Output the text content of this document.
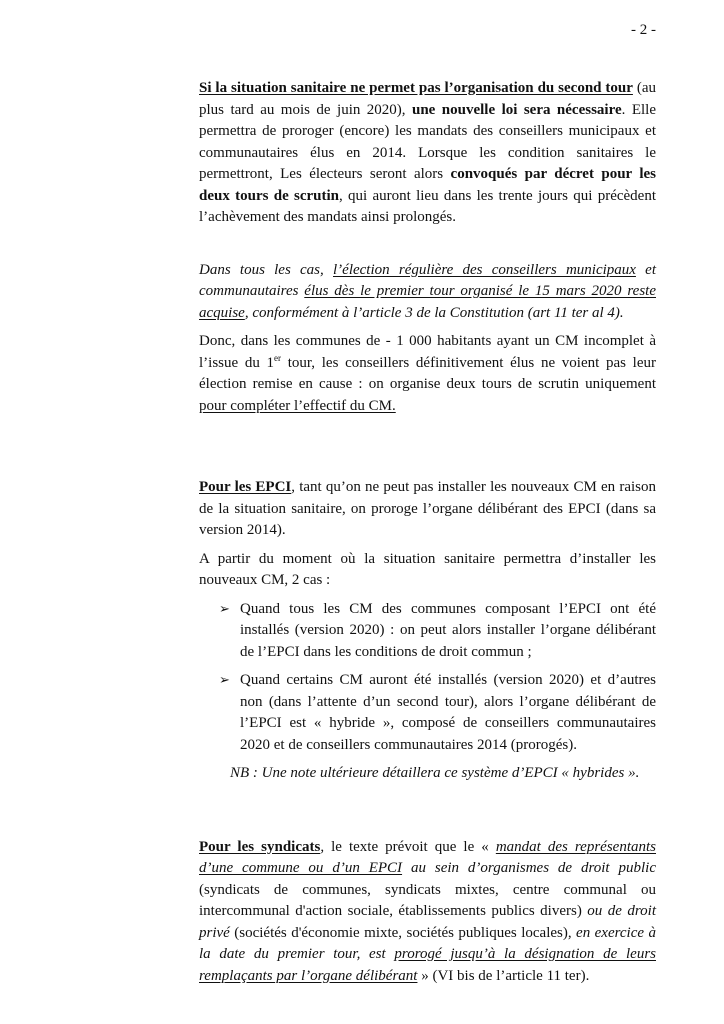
- 2 -

Si la situation sanitaire ne permet pas l’organisation du second tour (au plus tard au mois de juin 2020), une nouvelle loi sera nécessaire. Elle permettra de proroger (encore) les mandats des conseillers municipaux et communautaires élus en 2014. Lorsque les condition sanitaires le permettront, Les électeurs seront alors convoqués par décret pour les deux tours de scrutin, qui auront lieu dans les trente jours qui précèdent l’achèvement des mandats ainsi prolongés.

Dans tous les cas, l’élection régulière des conseillers municipaux et communautaires élus dès le premier tour organisé le 15 mars 2020 reste acquise, conformément à l’article 3 de la Constitution (art 11 ter al 4).

Donc, dans les communes de - 1 000 habitants ayant un CM incomplet à l’issue du 1er tour, les conseillers définitivement élus ne voient pas leur élection remise en cause : on organise deux tours de scrutin uniquement pour compléter l’effectif du CM.

Pour les EPCI, tant qu’on ne peut pas installer les nouveaux CM en raison de la situation sanitaire, on proroge l’organe délibérant des EPCI (dans sa version 2014).

A partir du moment où la situation sanitaire permettra d’installer les nouveaux CM, 2 cas :

➢ Quand tous les CM des communes composant l’EPCI ont été installés (version 2020) : on peut alors installer l’organe délibérant de l’EPCI dans les conditions de droit commun ;

➢ Quand certains CM auront été installés (version 2020) et d’autres non (dans l’attente d’un second tour), alors l’organe délibérant de l’EPCI est « hybride », composé de conseillers communautaires 2020 et de conseillers communautaires 2014 (prorogés).

NB : Une note ultérieure détaillera ce système d’EPCI « hybrides ».

Pour les syndicats, le texte prévoit que le « mandat des représentants d’une commune ou d’un EPCI au sein d’organismes de droit public (syndicats de communes, syndicats mixtes, centre communal ou intercommunal d'action sociale, établissements publics divers) ou de droit privé (sociétés d'économie mixte, sociétés publiques locales), en exercice à la date du premier tour, est prorogé jusqu’à la désignation de leurs remplaçants par l’organe délibérant » (VI bis de l’article 11 ter).
